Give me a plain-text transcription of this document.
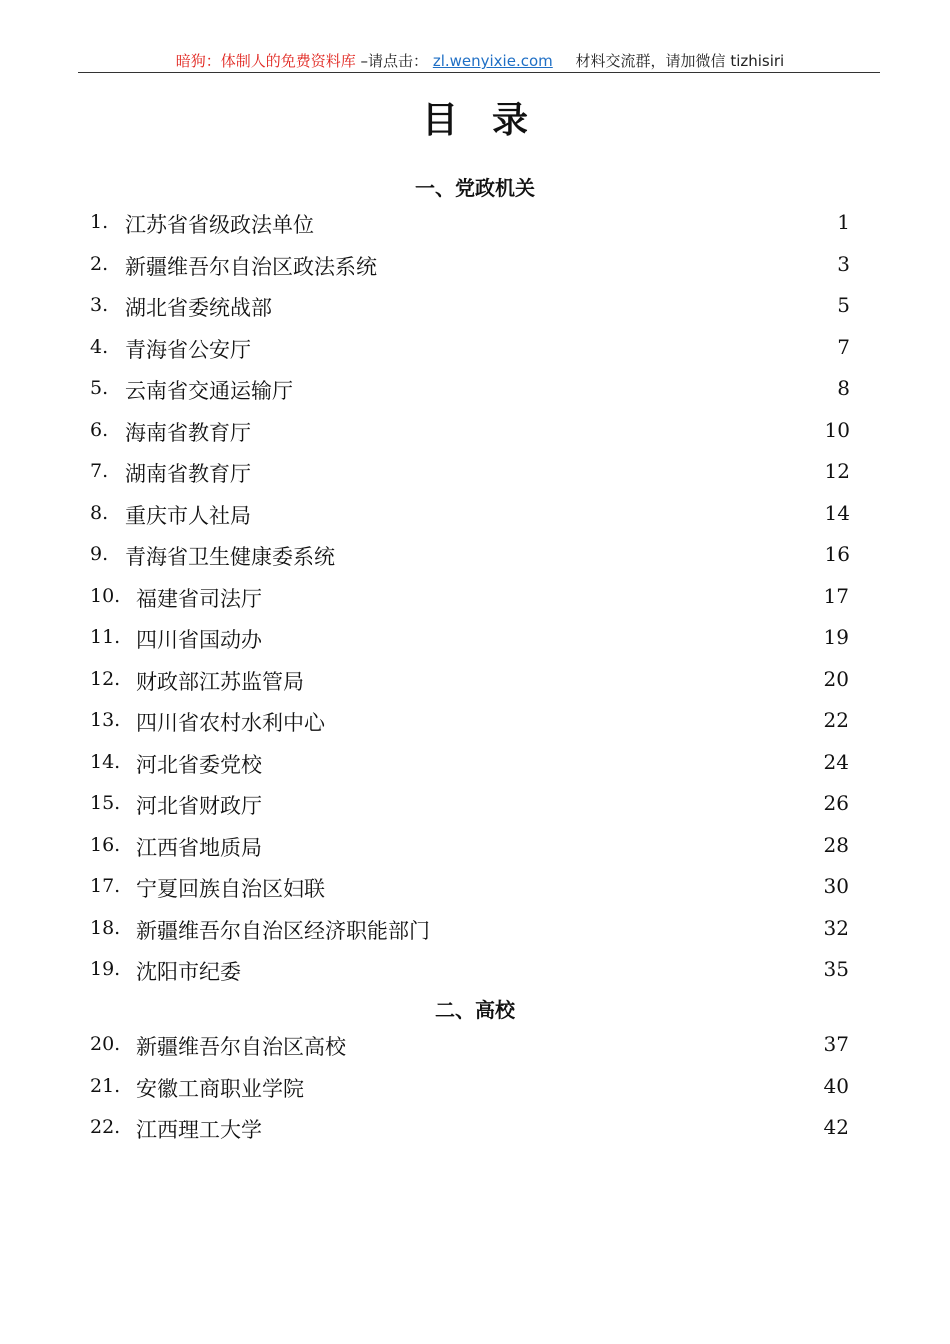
暗狗：体制人的免费资料库 –请点击： zl.wenyixie.com 材料交流群，请加微信 tizhisiri
目录
一、党政机关
1. 江苏省省级政法单位	1
2. 新疆维吾尔自治区政法系统	3
3. 湖北省委统战部	5
4. 青海省公安厅	7
5. 云南省交通运输厅	8
6. 海南省教育厅	10
7. 湖南省教育厅	12
8. 重庆市人社局	14
9. 青海省卫生健康委系统	16
10. 福建省司法厅	17
11. 四川省国动办	19
12. 财政部江苏监管局	20
13. 四川省农村水利中心	22
14. 河北省委党校	24
15. 河北省财政厅	26
16. 江西省地质局	28
17. 宁夏回族自治区妇联	30
18. 新疆维吾尔自治区经济职能部门	32
19. 沈阳市纪委	35
二、高校
20. 新疆维吾尔自治区高校	37
21. 安徽工商职业学院	40
22. 江西理工大学	42
